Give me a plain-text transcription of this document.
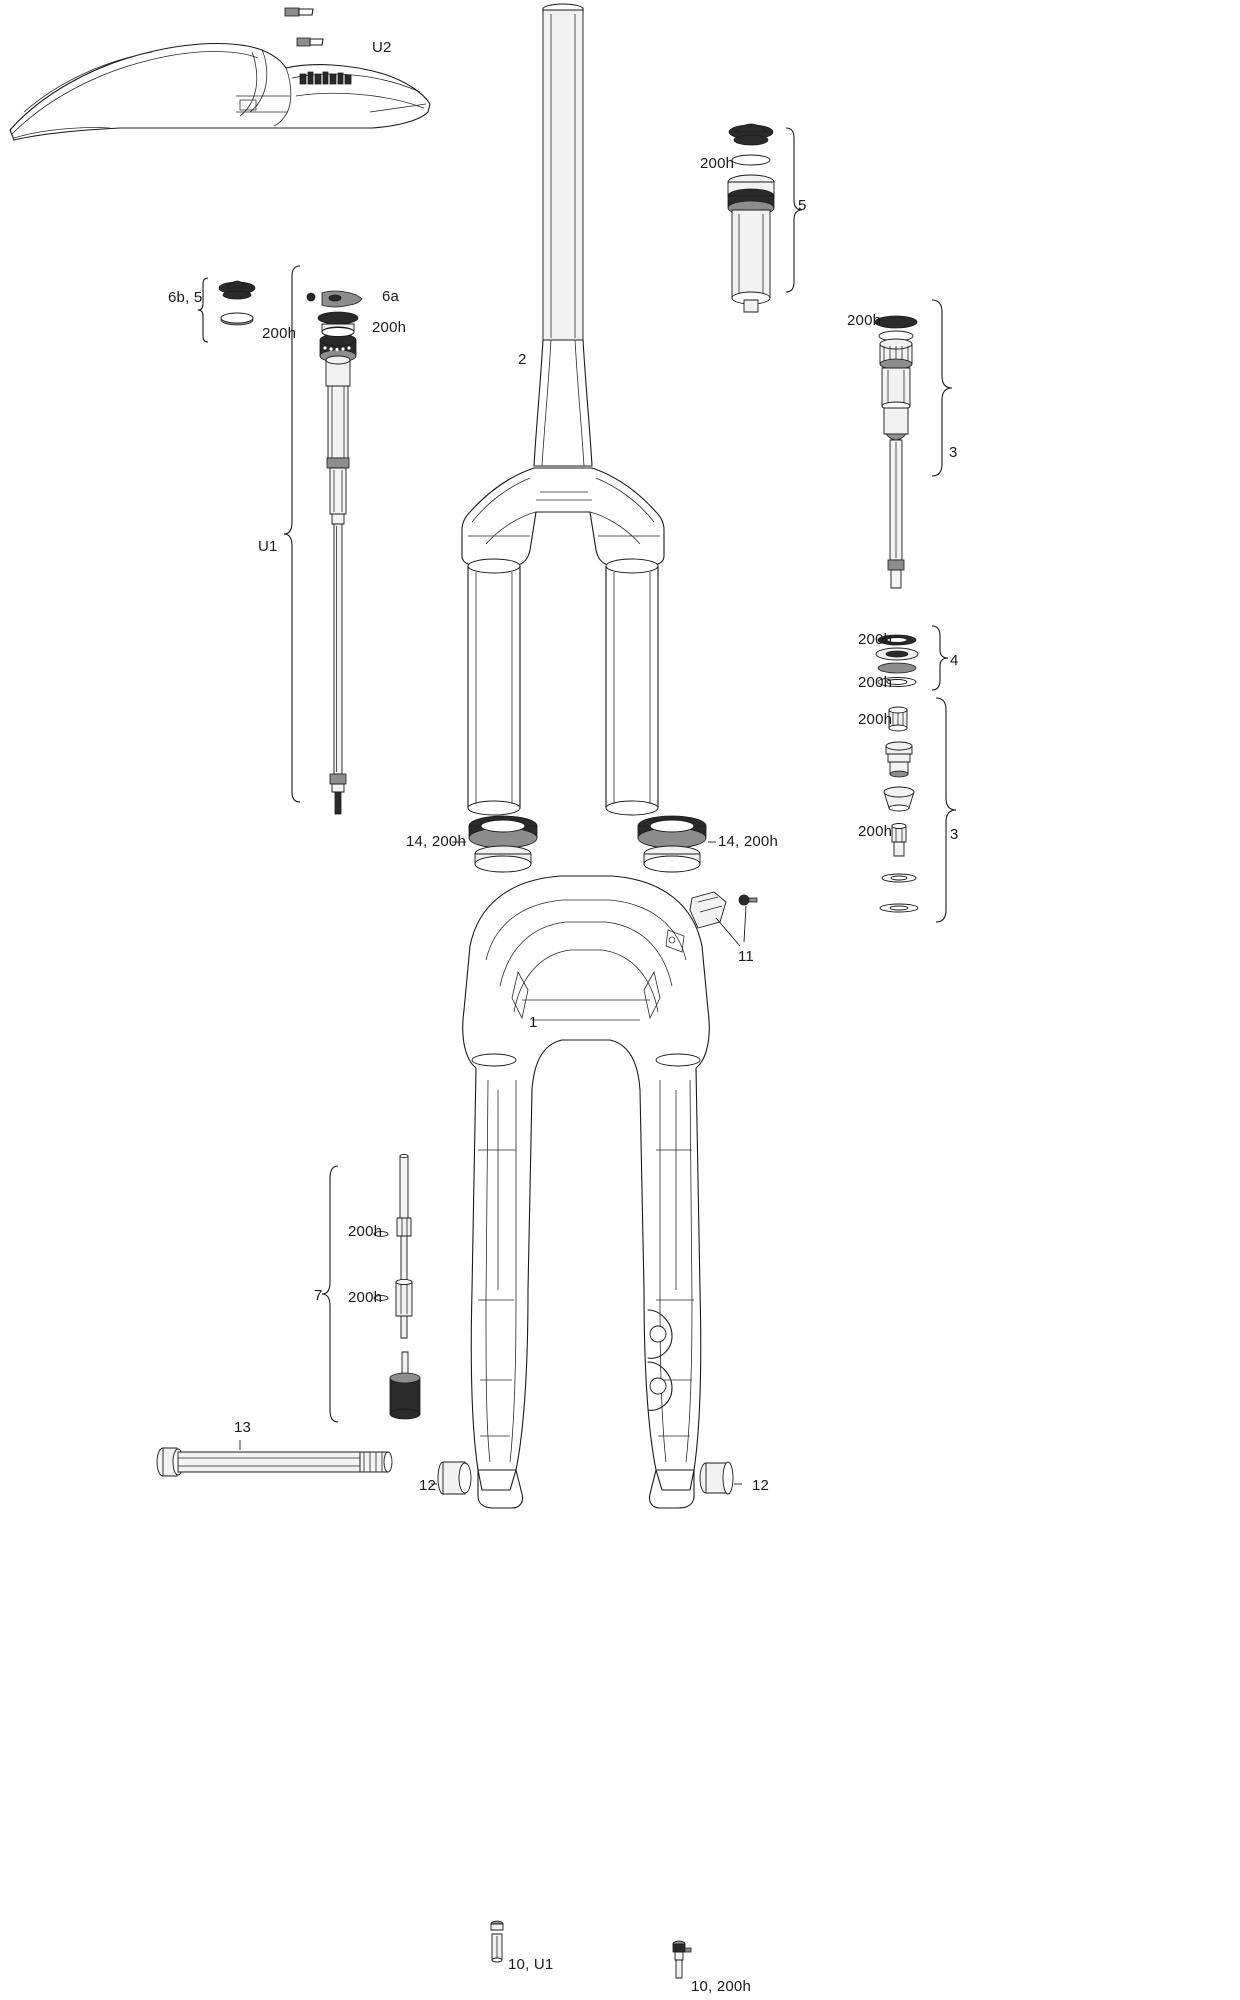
U2
U1
6b, 5
200h
6a
200h
2
200h
5
200h
3
200h
4
200h
200h
200h	3
14, 200h	14, 200h
11
1
7
200h
200h
13
12	12
10, U1
10, 200h
